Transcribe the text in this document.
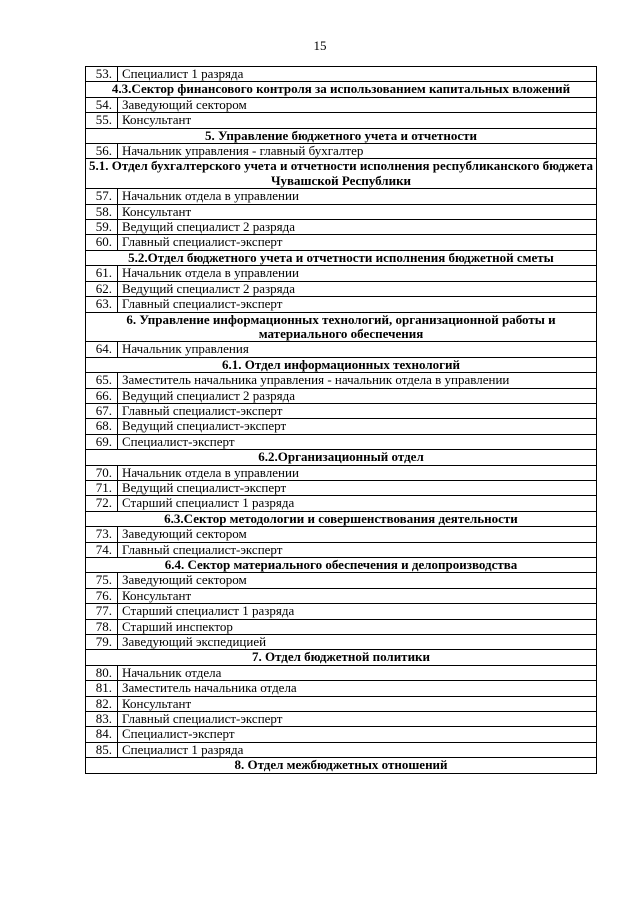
15
53.	Специалист 1 разряда
4.3.Сектор финансового контроля за использованием капитальных вложений	
54.	Заведующий сектором
55.	Консультант
5. Управление бюджетного учета и отчетности	
56.	Начальник управления - главный бухгалтер
5.1. Отдел бухгалтерского учета и отчетности исполнения республиканского бюджета Чувашской Республики	
57.	Начальник отдела в управлении
58.	Консультант
59.	Ведущий специалист 2 разряда
60.	Главный специалист-эксперт
5.2.Отдел бюджетного учета и отчетности исполнения бюджетной сметы	
61.	Начальник отдела в управлении
62.	Ведущий специалист 2 разряда
63.	Главный специалист-эксперт
6. Управление информационных технологий, организационной работы и материального обеспечения	
64.	Начальник управления
6.1. Отдел информационных технологий	
65.	Заместитель начальника управления - начальник отдела в управлении
66.	Ведущий специалист 2 разряда
67.	Главный специалист-эксперт
68.	Ведущий специалист-эксперт
69.	Специалист-эксперт
6.2.Организационный отдел	
70.	Начальник отдела в управлении
71.	Ведущий специалист-эксперт
72.	Старший специалист 1 разряда
6.3.Сектор методологии и совершенствования деятельности	
73.	Заведующий сектором
74.	Главный специалист-эксперт
6.4. Сектор материального обеспечения и делопроизводства	
75.	Заведующий сектором
76.	Консультант
77.	Старший специалист 1 разряда
78.	Старший инспектор
79.	Заведующий экспедицией
7. Отдел бюджетной политики	
80.	Начальник отдела
81.	Заместитель начальника отдела
82.	Консультант
83.	Главный специалист-эксперт
84.	Специалист-эксперт
85.	Специалист 1 разряда
8. Отдел межбюджетных отношений	
